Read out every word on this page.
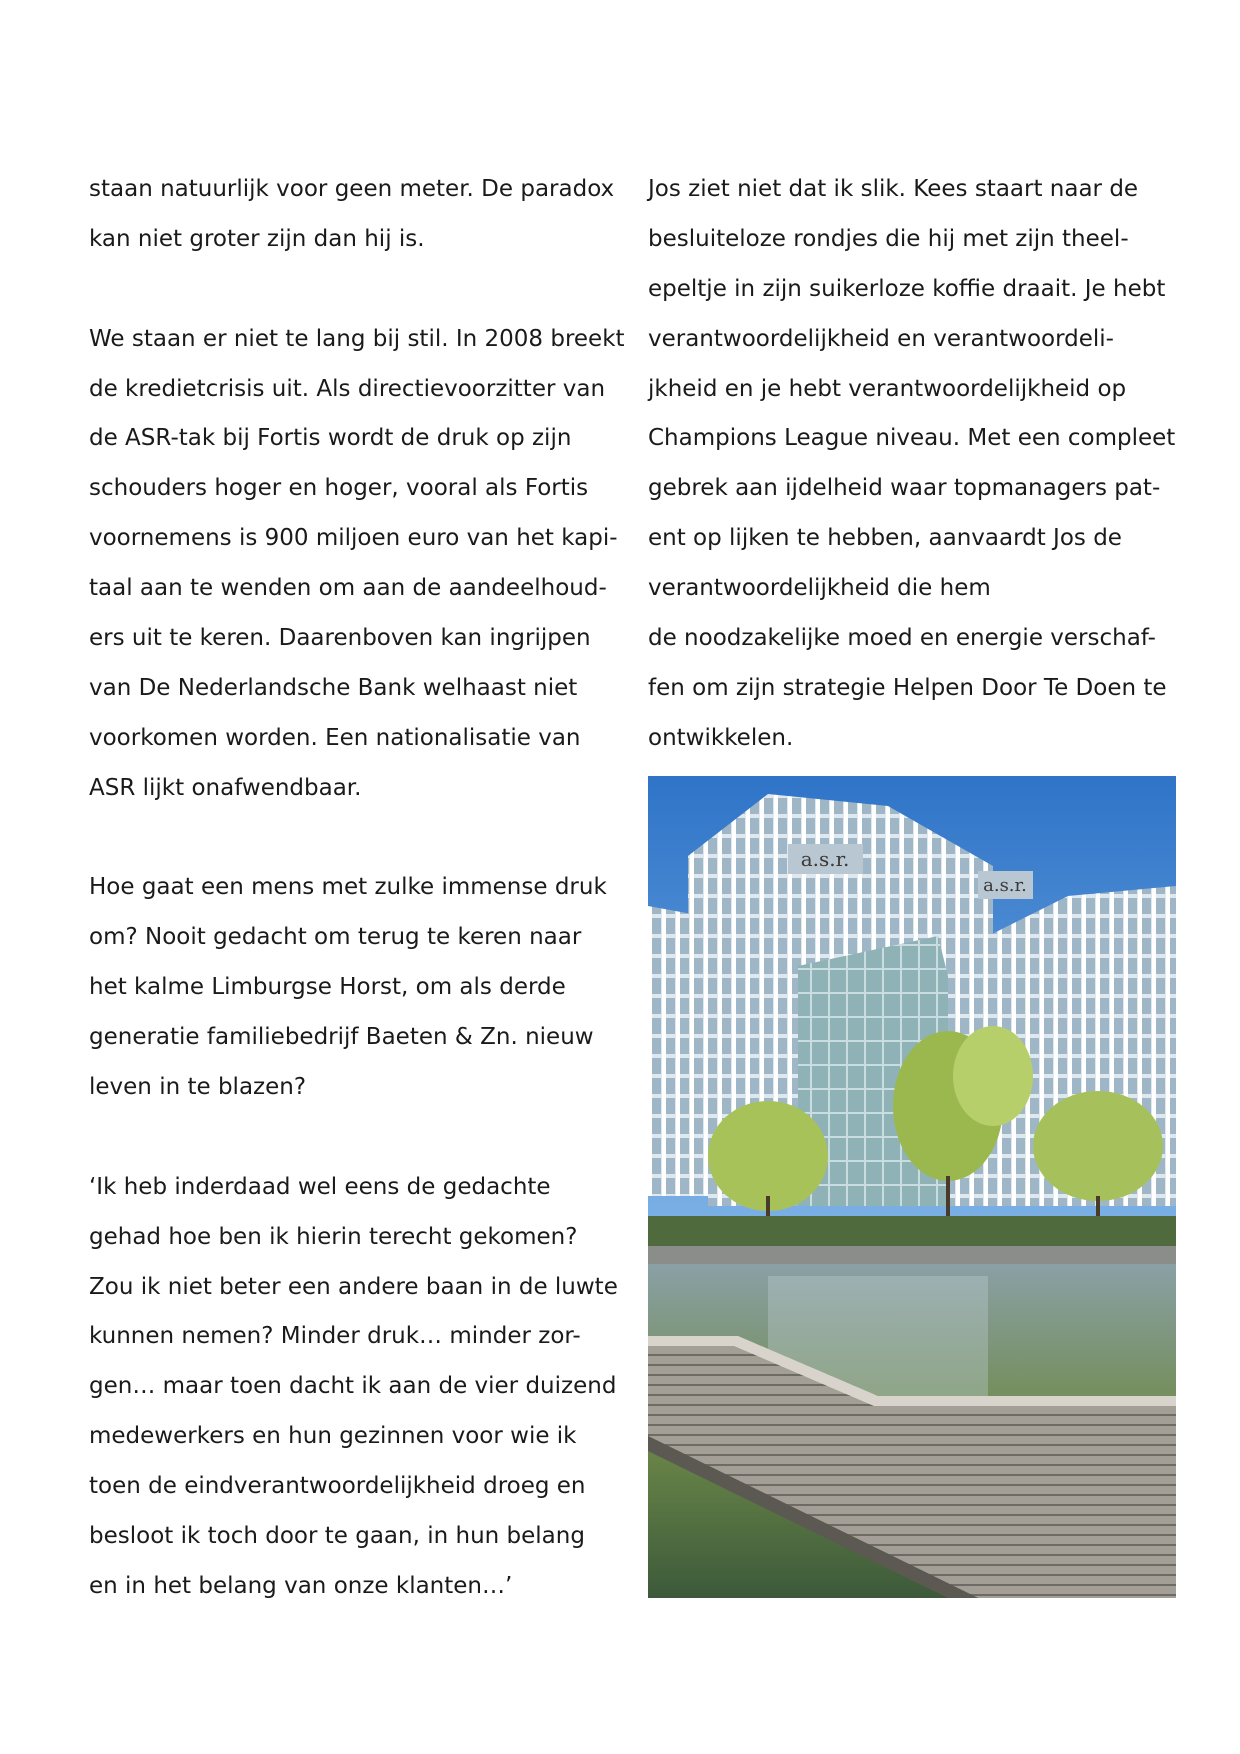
staan natuurlijk voor geen meter. De paradox
kan niet groter zijn dan hij is.
We staan er niet te lang bij stil. In 2008 breekt
de kredietcrisis uit. Als directievoorzitter van
de ASR-tak bij Fortis wordt de druk op zijn
schouders hoger en hoger, vooral als Fortis
voornemens is 900 miljoen euro van het kapi-
taal aan te wenden om aan de aandeelhoud-
ers uit te keren. Daarenboven kan ingrijpen
van De Nederlandsche Bank welhaast niet
voorkomen worden. Een nationalisatie van
ASR lijkt onafwendbaar.
Hoe gaat een mens met zulke immense druk
om? Nooit gedacht om terug te keren naar
het kalme Limburgse Horst, om als derde
generatie familiebedrijf Baeten & Zn. nieuw
leven in te blazen?
‘Ik heb inderdaad wel eens de gedachte
gehad hoe ben ik hierin terecht gekomen?
Zou ik niet beter een andere baan in de luwte
kunnen nemen? Minder druk… minder zor-
gen… maar toen dacht ik aan de vier duizend
medewerkers en hun gezinnen voor wie ik
toen de eindverantwoordelijkheid droeg en
besloot ik toch door te gaan, in hun belang
en in het belang van onze klanten…’
Jos ziet niet dat ik slik. Kees staart naar de
besluiteloze rondjes die hij met zijn theel-
epeltje in zijn suikerloze koffie draait. Je hebt
verantwoordelijkheid en verantwoordeli-
jkheid en je hebt verantwoordelijkheid op
Champions League niveau. Met een compleet
gebrek aan ijdelheid waar topmanagers pat-
ent op lijken te hebben, aanvaardt Jos de
verantwoordelijkheid die hem
de noodzakelijke moed en energie verschaf-
fen om zijn strategie Helpen Door Te Doen te
ontwikkelen.
a.s.r.
a.s.r.
